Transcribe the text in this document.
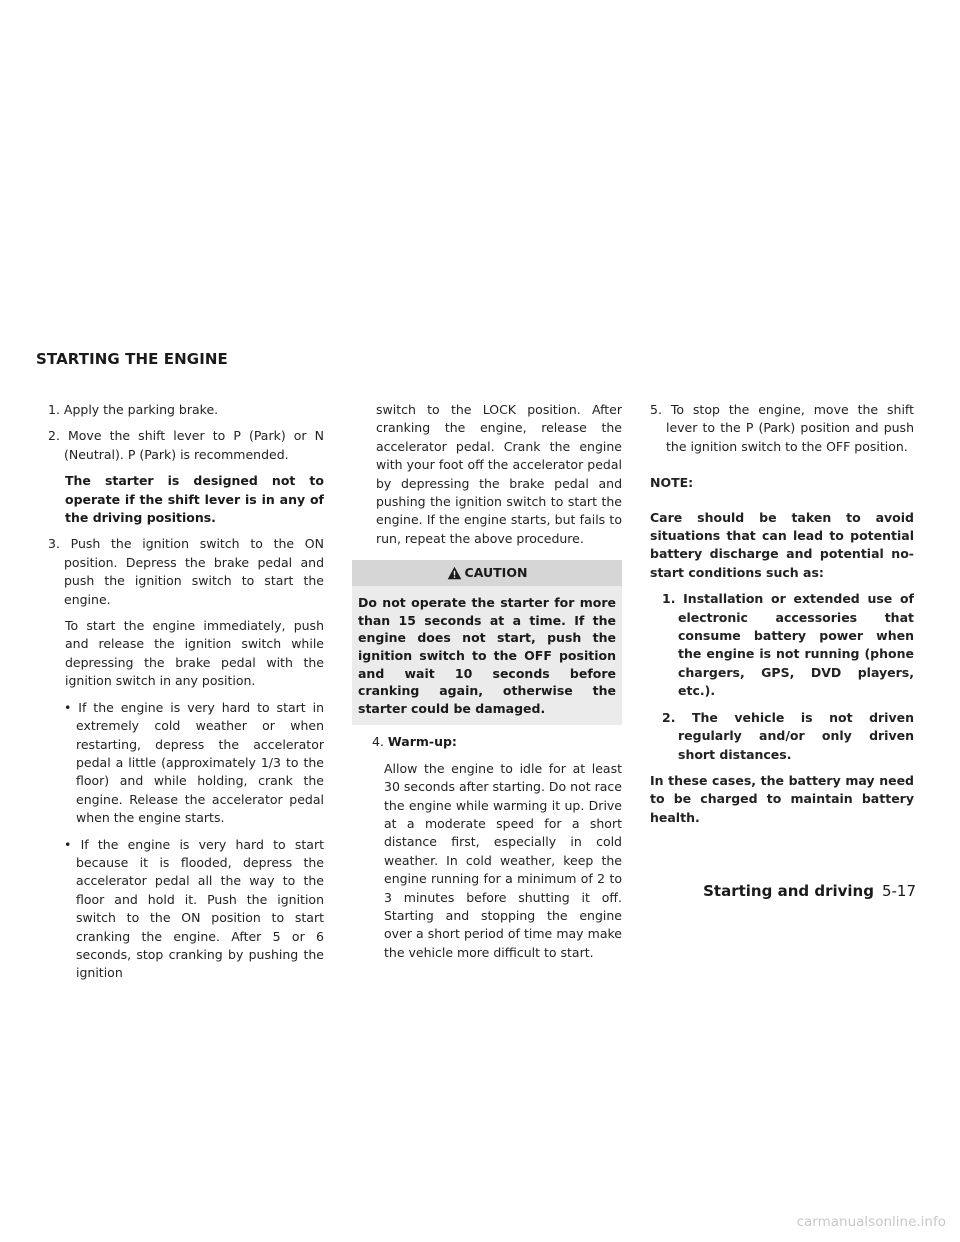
STARTING THE ENGINE

1. Apply the parking brake.

2. Move the shift lever to P (Park) or N (Neutral). P (Park) is recommended.

The starter is designed not to operate if the shift lever is in any of the driving positions.

3. Push the ignition switch to the ON position. Depress the brake pedal and push the ignition switch to start the engine.

To start the engine immediately, push and release the ignition switch while depressing the brake pedal with the ignition switch in any position.

• If the engine is very hard to start in extremely cold weather or when restarting, depress the accelerator pedal a little (approximately 1/3 to the floor) and while holding, crank the engine. Release the accelerator pedal when the engine starts.

• If the engine is very hard to start because it is flooded, depress the accelerator pedal all the way to the floor and hold it. Push the ignition switch to the ON position to start cranking the engine. After 5 or 6 seconds, stop cranking by pushing the ignition

switch to the LOCK position. After cranking the engine, release the accelerator pedal. Crank the engine with your foot off the accelerator pedal by depressing the brake pedal and pushing the ignition switch to start the engine. If the engine starts, but fails to run, repeat the above procedure.

CAUTION
Do not operate the starter for more than 15 seconds at a time. If the engine does not start, push the ignition switch to the OFF position and wait 10 seconds before cranking again, otherwise the starter could be damaged.

4. Warm-up:

Allow the engine to idle for at least 30 seconds after starting. Do not race the engine while warming it up. Drive at a moderate speed for a short distance first, especially in cold weather. In cold weather, keep the engine running for a minimum of 2 to 3 minutes before shutting it off. Starting and stopping the engine over a short period of time may make the vehicle more difficult to start.

5. To stop the engine, move the shift lever to the P (Park) position and push the ignition switch to the OFF position.

NOTE:

Care should be taken to avoid situations that can lead to potential battery discharge and potential no-start conditions such as:

1. Installation or extended use of electronic accessories that consume battery power when the engine is not running (phone chargers, GPS, DVD players, etc.).

2. The vehicle is not driven regularly and/or only driven short distances.

In these cases, the battery may need to be charged to maintain battery health.

Starting and driving 5-17
carmanualsonline.info
